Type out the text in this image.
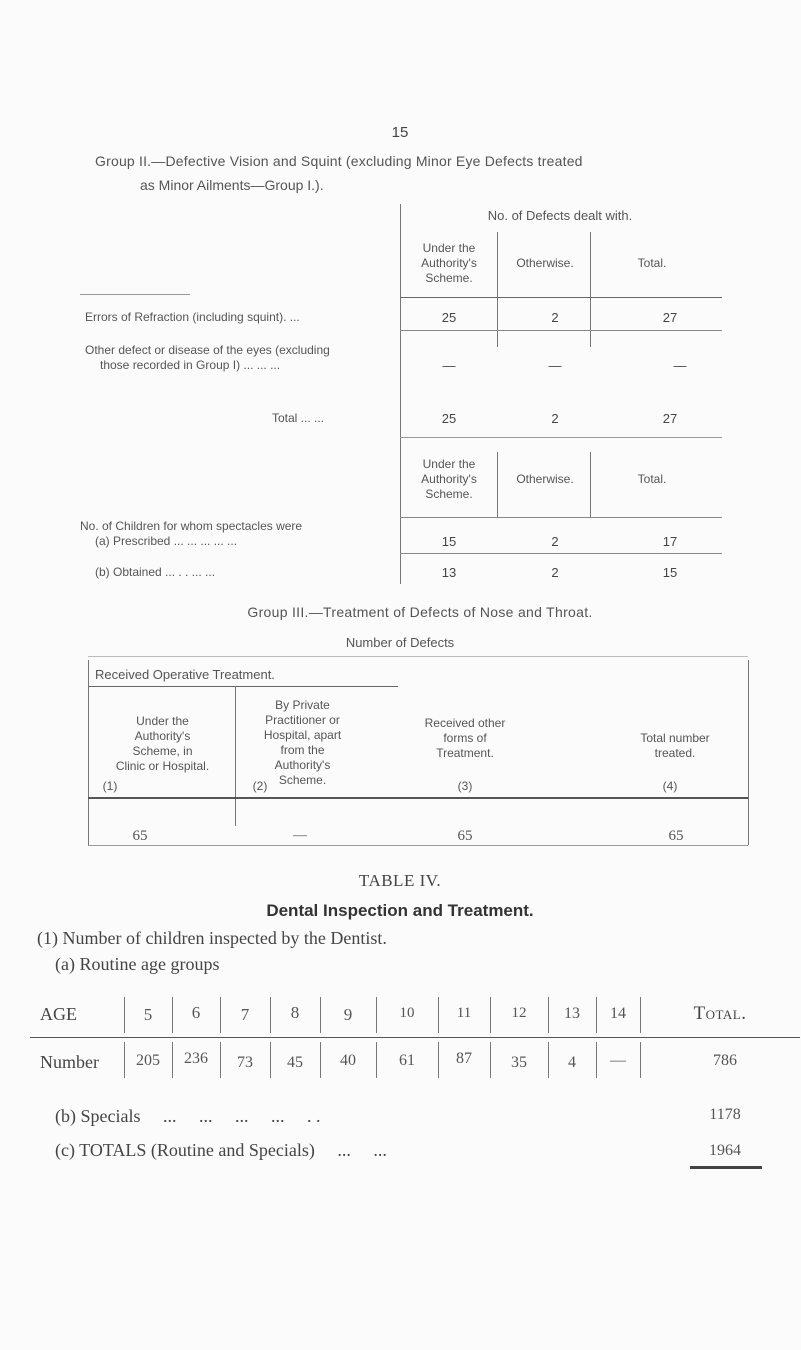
15
Group II.—Defective Vision and Squint (excluding Minor Eye Defects treated
as Minor Ailments—Group I.).
No. of Defects dealt with.
Under the
Authority's
Scheme.
Otherwise.	Total.
Errors of Refraction (including squint). ...	25	2	27
Other defect or disease of the eyes (excluding
those recorded in Group I) ... ... ...	—	—	—
Total ... ...	25	2	27
Under the
Authority's
Scheme.
Otherwise.	Total.
No. of Children for whom spectacles were
(a) Prescribed ... ... ... ... ...	15	2	17
(b) Obtained ... . . ... ...	13	2	15
Group III.—Treatment of Defects of Nose and Throat.
Number of Defects
Received Operative Treatment.
Under the
Authority's
Scheme, in
Clinic or Hospital.
By Private
Practitioner or
Hospital, apart
from the
Authority's
Scheme.
Received other
forms of
Treatment.
Total number
treated.
(1)	(2)	(3)	(4)
65	—	65	65
TABLE IV.
Dental Inspection and Treatment.
(1) Number of children inspected by the Dentist.
(a) Routine age groups
AGE	5	6	7	8	9	10	11	12	13	14	Total.
Number	205	236	73	45	40	61	87	35	4	—	786
(b) Specials     ...     ...     ...     ...     . .	1178
(c) TOTALS (Routine and Specials)     ...     ...	1964
